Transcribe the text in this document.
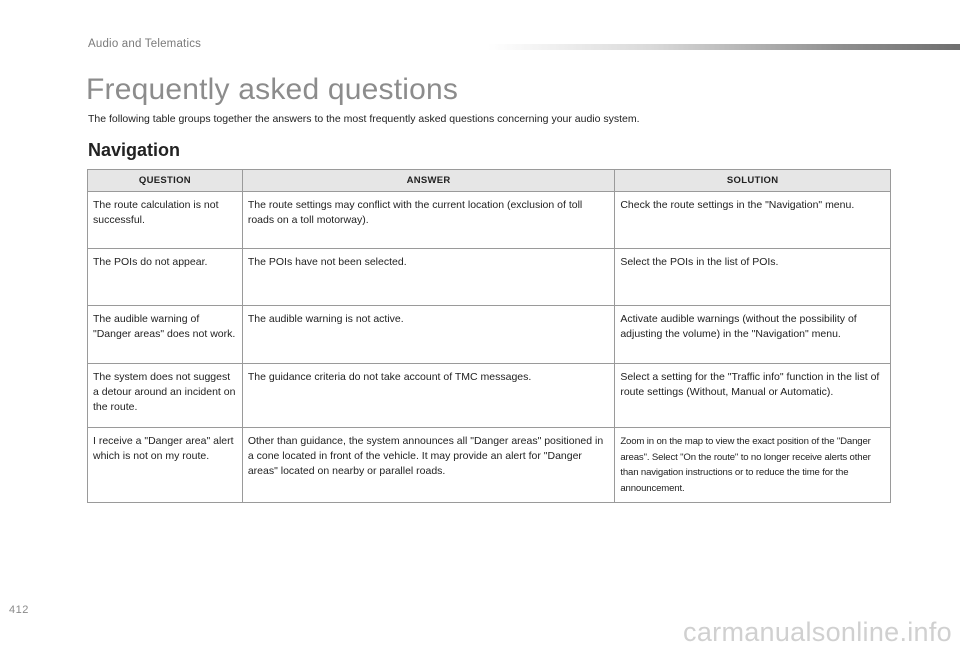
Audio and Telematics
Frequently asked questions

The following table groups together the answers to the most frequently asked questions concerning your audio system.

Navigation
QUESTION	ANSWER	SOLUTION
The route calculation is not successful.	The route settings may conflict with the current location (exclusion of toll roads on a toll motorway).	Check the route settings in the "Navigation" menu.
The POIs do not appear.	The POIs have not been selected.	Select the POIs in the list of POIs.
The audible warning of "Danger areas" does not work.	The audible warning is not active.	Activate audible warnings (without the possibility of adjusting the volume) in the "Navigation" menu.
The system does not suggest a detour around an incident on the route.	The guidance criteria do not take account of TMC messages.	Select a setting for the "Traffic info" function in the list of route settings (Without, Manual or Automatic).
I receive a "Danger area" alert which is not on my route.	Other than guidance, the system announces all "Danger areas" positioned in a cone located in front of the vehicle. It may provide an alert for "Danger areas" located on nearby or parallel roads.	Zoom in on the map to view the exact position of the "Danger areas". Select "On the route" to no longer receive alerts other than navigation instructions or to reduce the time for the announcement.
412
carmanualsonline.info
